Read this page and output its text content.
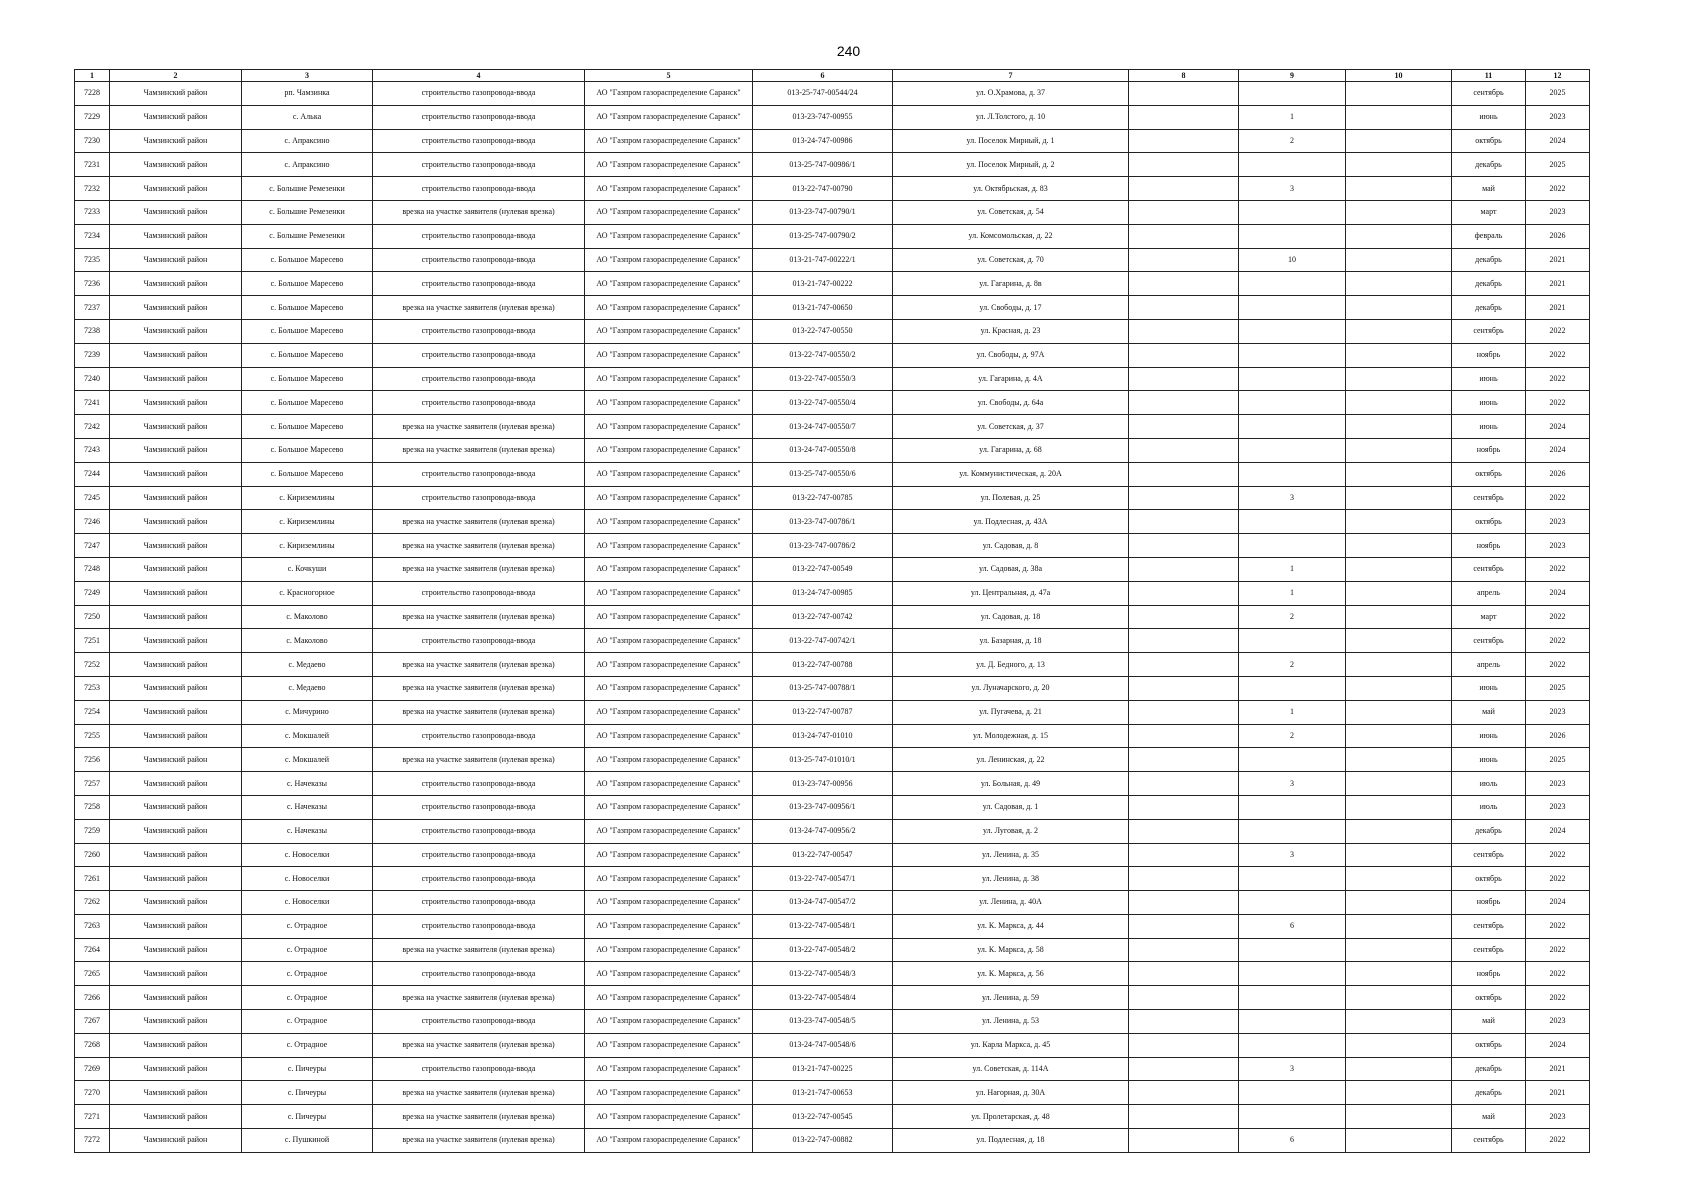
240
1	2	3	4	5	6	7	8	9	10	11	12
7228	Чамзинский район	рп. Чамзинка	строительство газопровода-ввода	АО "Газпром газораспределение Саранск"	013-25-747-00544/24	ул. О.Храмова, д. 37				сентябрь	2025
7229	Чамзинский район	с. Алька	строительство газопровода-ввода	АО "Газпром газораспределение Саранск"	013-23-747-00955	ул. Л.Толстого, д. 10		1		июнь	2023
7230	Чамзинский район	с. Апраксино	строительство газопровода-ввода	АО "Газпром газораспределение Саранск"	013-24-747-00986	ул. Поселок Мирный, д. 1		2		октябрь	2024
7231	Чамзинский район	с. Апраксино	строительство газопровода-ввода	АО "Газпром газораспределение Саранск"	013-25-747-00986/1	ул. Поселок Мирный, д. 2				декабрь	2025
7232	Чамзинский район	с. Большие Ремезенки	строительство газопровода-ввода	АО "Газпром газораспределение Саранск"	013-22-747-00790	ул. Октябрьская, д. 83		3		май	2022
7233	Чамзинский район	с. Большие Ремезенки	врезка на участке заявителя (нулевая врезка)	АО "Газпром газораспределение Саранск"	013-23-747-00790/1	ул. Советская, д. 54				март	2023
7234	Чамзинский район	с. Большие Ремезенки	строительство газопровода-ввода	АО "Газпром газораспределение Саранск"	013-25-747-00790/2	ул. Комсомольская, д. 22				февраль	2026
7235	Чамзинский район	с. Большое Маресево	строительство газопровода-ввода	АО "Газпром газораспределение Саранск"	013-21-747-00222/1	ул. Советская, д. 70		10		декабрь	2021
7236	Чамзинский район	с. Большое Маресево	строительство газопровода-ввода	АО "Газпром газораспределение Саранск"	013-21-747-00222	ул. Гагарина, д. 8в				декабрь	2021
7237	Чамзинский район	с. Большое Маресево	врезка на участке заявителя (нулевая врезка)	АО "Газпром газораспределение Саранск"	013-21-747-00650	ул. Свободы, д. 17				декабрь	2021
7238	Чамзинский район	с. Большое Маресево	строительство газопровода-ввода	АО "Газпром газораспределение Саранск"	013-22-747-00550	ул. Красная, д. 23				сентябрь	2022
7239	Чамзинский район	с. Большое Маресево	строительство газопровода-ввода	АО "Газпром газораспределение Саранск"	013-22-747-00550/2	ул. Свободы, д. 97А				ноябрь	2022
7240	Чамзинский район	с. Большое Маресево	строительство газопровода-ввода	АО "Газпром газораспределение Саранск"	013-22-747-00550/3	ул. Гагарина, д. 4А				июнь	2022
7241	Чамзинский район	с. Большое Маресево	строительство газопровода-ввода	АО "Газпром газораспределение Саранск"	013-22-747-00550/4	ул. Свободы, д. 64а				июнь	2022
7242	Чамзинский район	с. Большое Маресево	врезка на участке заявителя (нулевая врезка)	АО "Газпром газораспределение Саранск"	013-24-747-00550/7	ул. Советская, д. 37				июнь	2024
7243	Чамзинский район	с. Большое Маресево	врезка на участке заявителя (нулевая врезка)	АО "Газпром газораспределение Саранск"	013-24-747-00550/8	ул. Гагарина, д. 68				ноябрь	2024
7244	Чамзинский район	с. Большое Маресево	строительство газопровода-ввода	АО "Газпром газораспределение Саранск"	013-25-747-00550/6	ул. Коммунистическая, д. 20А				октябрь	2026
7245	Чамзинский район	с. Кириземлины	строительство газопровода-ввода	АО "Газпром газораспределение Саранск"	013-22-747-00785	ул. Полевая, д. 25		3		сентябрь	2022
7246	Чамзинский район	с. Кириземлины	врезка на участке заявителя (нулевая врезка)	АО "Газпром газораспределение Саранск"	013-23-747-00786/1	ул. Подлесная, д. 43А				октябрь	2023
7247	Чамзинский район	с. Кириземлины	врезка на участке заявителя (нулевая врезка)	АО "Газпром газораспределение Саранск"	013-23-747-00786/2	ул. Садовая, д. 8				ноябрь	2023
7248	Чамзинский район	с. Кочкуши	врезка на участке заявителя (нулевая врезка)	АО "Газпром газораспределение Саранск"	013-22-747-00549	ул. Садовая, д. 38а		1		сентябрь	2022
7249	Чамзинский район	с. Красногорное	строительство газопровода-ввода	АО "Газпром газораспределение Саранск"	013-24-747-00985	ул. Центральная, д. 47а		1		апрель	2024
7250	Чамзинский район	с. Маколово	врезка на участке заявителя (нулевая врезка)	АО "Газпром газораспределение Саранск"	013-22-747-00742	ул. Садовая, д. 18		2		март	2022
7251	Чамзинский район	с. Маколово	строительство газопровода-ввода	АО "Газпром газораспределение Саранск"	013-22-747-00742/1	ул. Базарная, д. 18				сентябрь	2022
7252	Чамзинский район	с. Медаево	врезка на участке заявителя (нулевая врезка)	АО "Газпром газораспределение Саранск"	013-22-747-00788	ул. Д. Бедного, д. 13		2		апрель	2022
7253	Чамзинский район	с. Медаево	врезка на участке заявителя (нулевая врезка)	АО "Газпром газораспределение Саранск"	013-25-747-00788/1	ул. Луначарского, д. 20				июнь	2025
7254	Чамзинский район	с. Мичурино	врезка на участке заявителя (нулевая врезка)	АО "Газпром газораспределение Саранск"	013-22-747-00787	ул. Пугачева, д. 21		1		май	2023
7255	Чамзинский район	с. Мокшалей	строительство газопровода-ввода	АО "Газпром газораспределение Саранск"	013-24-747-01010	ул. Молодежная, д. 15		2		июнь	2026
7256	Чамзинский район	с. Мокшалей	врезка на участке заявителя (нулевая врезка)	АО "Газпром газораспределение Саранск"	013-25-747-01010/1	ул. Ленинская, д. 22				июнь	2025
7257	Чамзинский район	с. Начеказы	строительство газопровода-ввода	АО "Газпром газораспределение Саранск"	013-23-747-00956	ул. Больная, д. 49		3		июль	2023
7258	Чамзинский район	с. Начеказы	строительство газопровода-ввода	АО "Газпром газораспределение Саранск"	013-23-747-00956/1	ул. Садовая, д. 1				июль	2023
7259	Чамзинский район	с. Начеказы	строительство газопровода-ввода	АО "Газпром газораспределение Саранск"	013-24-747-00956/2	ул. Луговая, д. 2				декабрь	2024
7260	Чамзинский район	с. Новоселки	строительство газопровода-ввода	АО "Газпром газораспределение Саранск"	013-22-747-00547	ул. Ленина, д. 35		3		сентябрь	2022
7261	Чамзинский район	с. Новоселки	строительство газопровода-ввода	АО "Газпром газораспределение Саранск"	013-22-747-00547/1	ул. Ленина, д. 38				октябрь	2022
7262	Чамзинский район	с. Новоселки	строительство газопровода-ввода	АО "Газпром газораспределение Саранск"	013-24-747-00547/2	ул. Ленина, д. 40А				ноябрь	2024
7263	Чамзинский район	с. Отрадное	строительство газопровода-ввода	АО "Газпром газораспределение Саранск"	013-22-747-00548/1	ул. К. Маркса, д. 44		6		сентябрь	2022
7264	Чамзинский район	с. Отрадное	врезка на участке заявителя (нулевая врезка)	АО "Газпром газораспределение Саранск"	013-22-747-00548/2	ул. К. Маркса, д. 58				сентябрь	2022
7265	Чамзинский район	с. Отрадное	строительство газопровода-ввода	АО "Газпром газораспределение Саранск"	013-22-747-00548/3	ул. К. Маркса, д. 56				ноябрь	2022
7266	Чамзинский район	с. Отрадное	врезка на участке заявителя (нулевая врезка)	АО "Газпром газораспределение Саранск"	013-22-747-00548/4	ул. Ленина, д. 59				октябрь	2022
7267	Чамзинский район	с. Отрадное	строительство газопровода-ввода	АО "Газпром газораспределение Саранск"	013-23-747-00548/5	ул. Ленина, д. 53				май	2023
7268	Чамзинский район	с. Отрадное	врезка на участке заявителя (нулевая врезка)	АО "Газпром газораспределение Саранск"	013-24-747-00548/6	ул. Карла Маркса, д. 45				октябрь	2024
7269	Чамзинский район	с. Пичеуры	строительство газопровода-ввода	АО "Газпром газораспределение Саранск"	013-21-747-00225	ул. Советская, д. 114А		3		декабрь	2021
7270	Чамзинский район	с. Пичеуры	врезка на участке заявителя (нулевая врезка)	АО "Газпром газораспределение Саранск"	013-21-747-00653	ул. Нагорная, д. 30А				декабрь	2021
7271	Чамзинский район	с. Пичеуры	врезка на участке заявителя (нулевая врезка)	АО "Газпром газораспределение Саранск"	013-22-747-00545	ул. Пролетарская, д. 48				май	2023
7272	Чамзинский район	с. Пушкиной	врезка на участке заявителя (нулевая врезка)	АО "Газпром газораспределение Саранск"	013-22-747-00882	ул. Подлесная, д. 18		6		сентябрь	2022
